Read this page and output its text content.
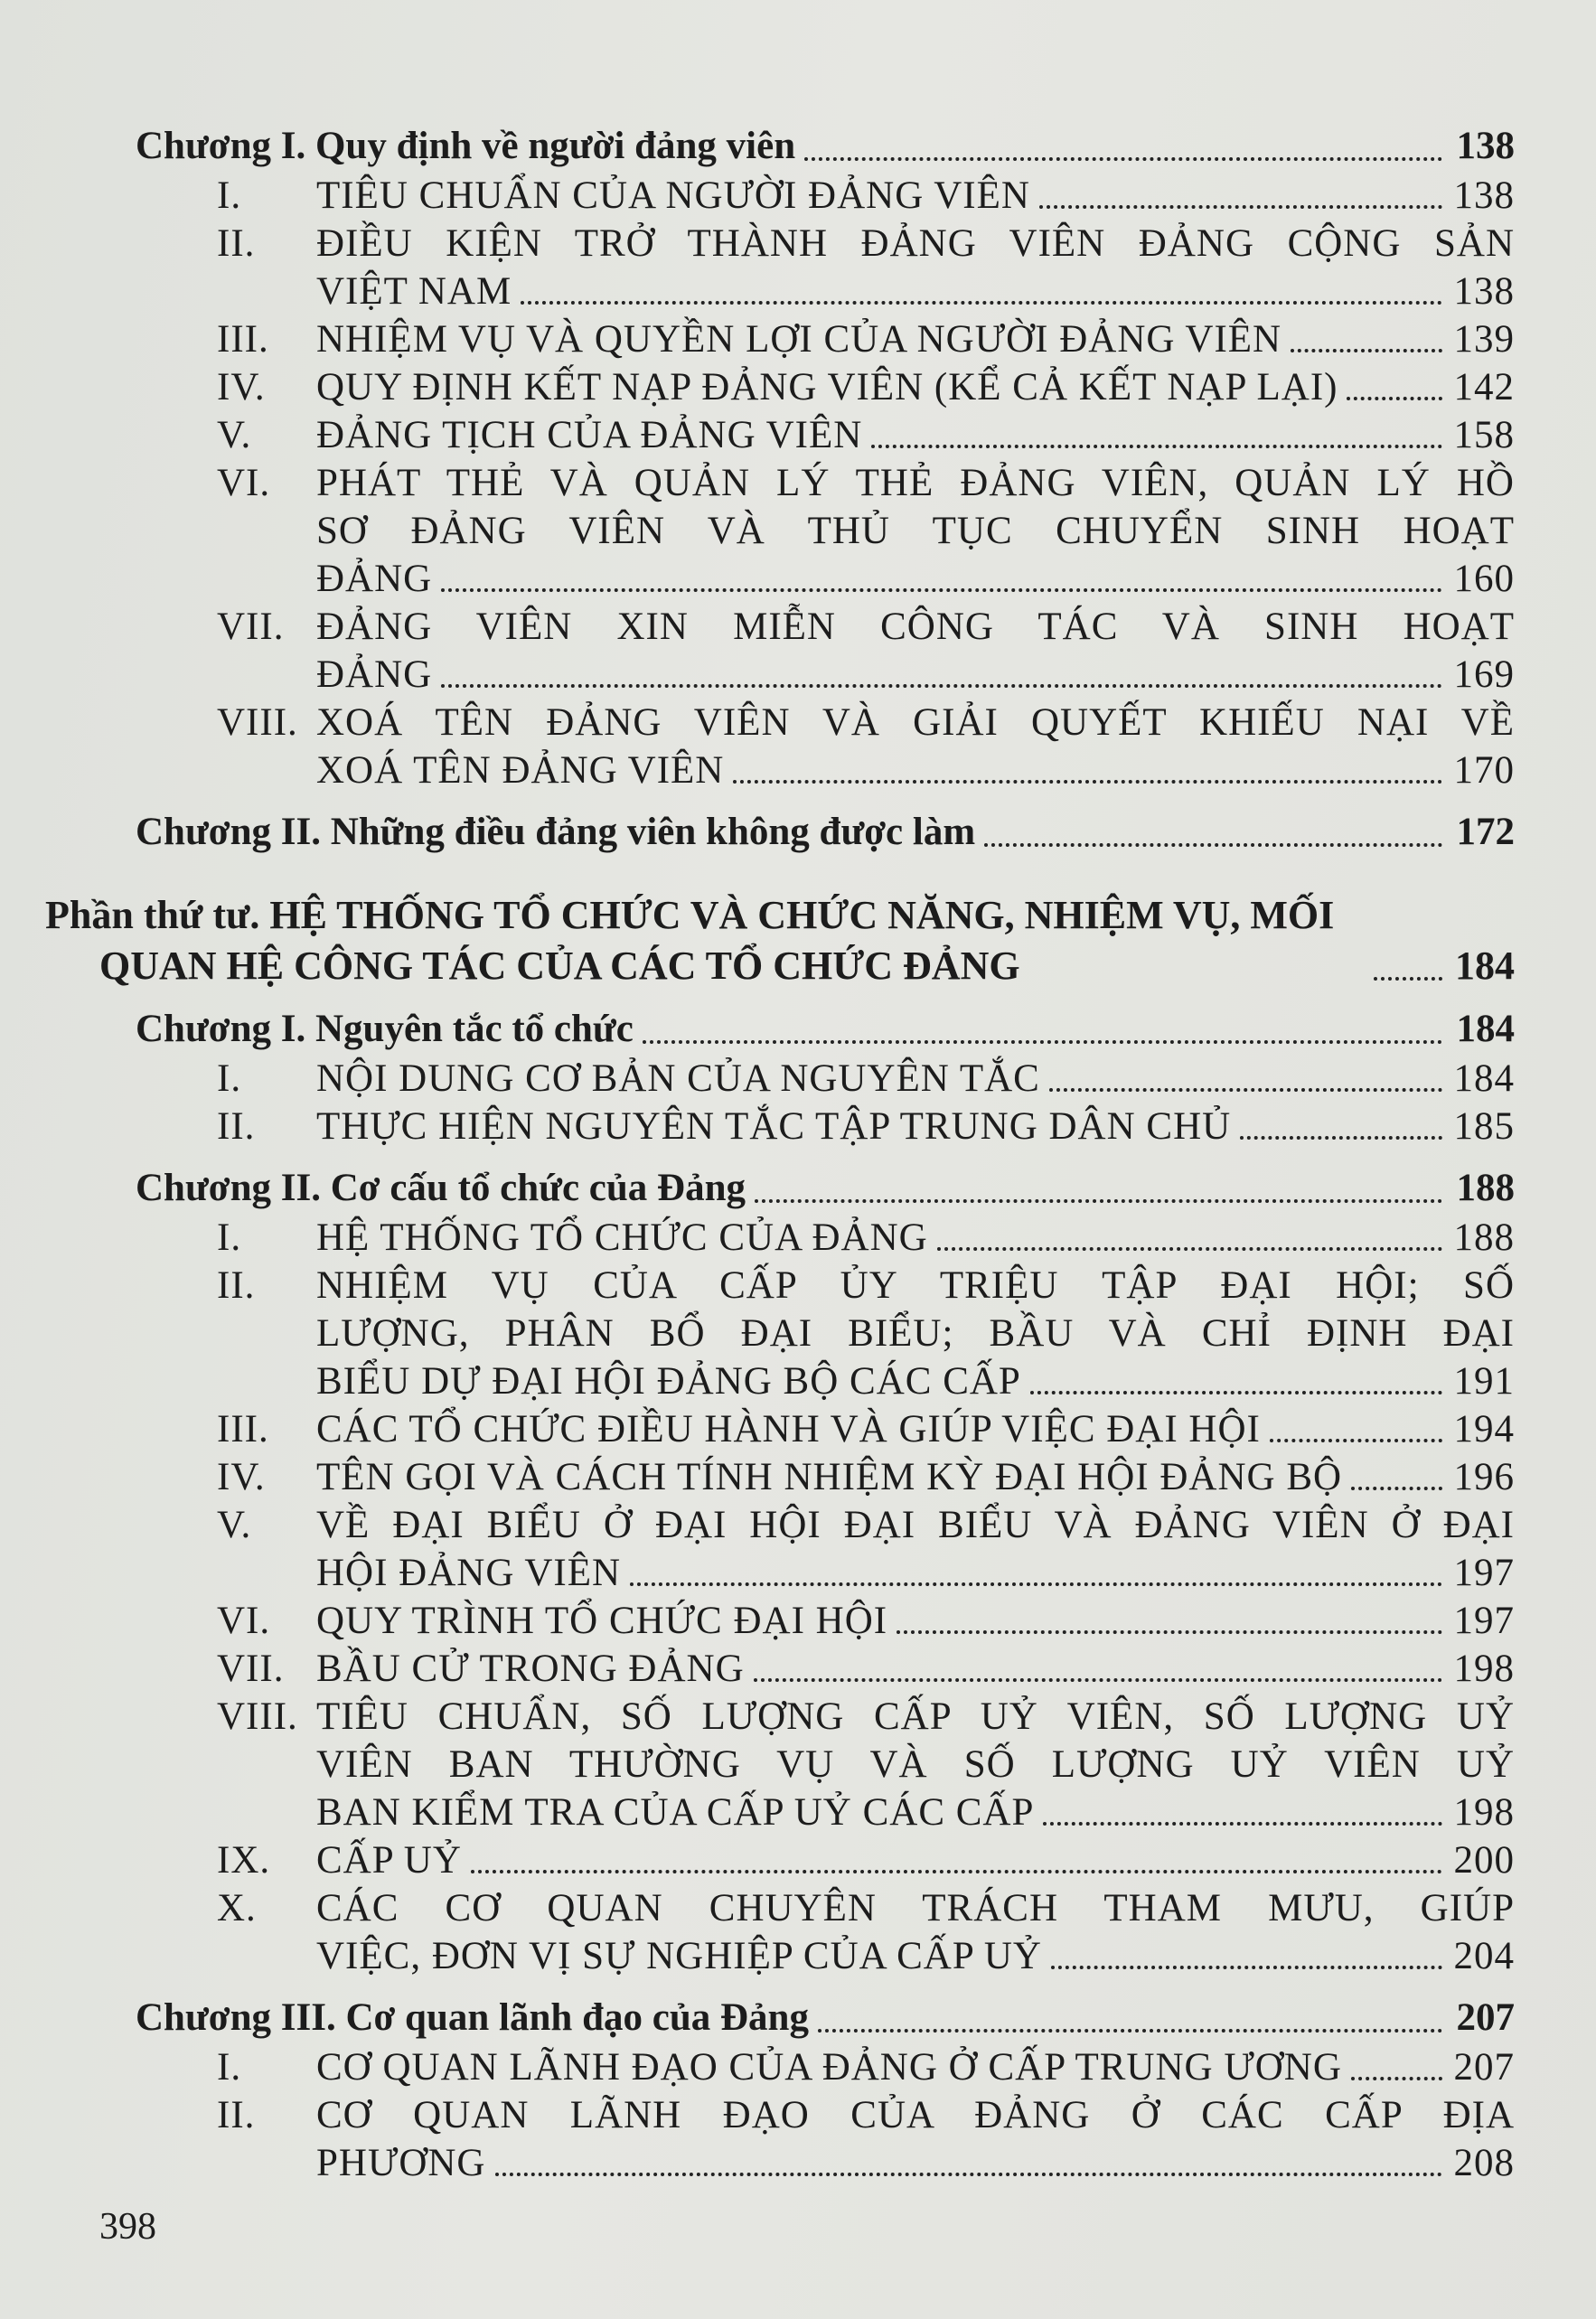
Chương I. Quy định về người đảng viên	138
I.	TIÊU CHUẨN CỦA NGƯỜI ĐẢNG VIÊN	138
II.	ĐIỀU KIỆN TRỞ THÀNH ĐẢNG VIÊN ĐẢNG CỘNG SẢN
VIỆT NAM	138
III.	NHIỆM VỤ VÀ QUYỀN LỢI CỦA NGƯỜI ĐẢNG VIÊN	139
IV.	QUY ĐỊNH KẾT NẠP ĐẢNG VIÊN (KỂ CẢ KẾT NẠP LẠI)	142
V.	ĐẢNG TỊCH CỦA ĐẢNG VIÊN	158
VI.	PHÁT THẺ VÀ QUẢN LÝ THẺ ĐẢNG VIÊN, QUẢN LÝ HỒ
SƠ ĐẢNG VIÊN VÀ THỦ TỤC CHUYỂN SINH HOẠT
ĐẢNG	160
VII. ĐẢNG VIÊN XIN MIỄN CÔNG TÁC VÀ SINH HOẠT
ĐẢNG	169
VIII. XOÁ TÊN ĐẢNG VIÊN VÀ GIẢI QUYẾT KHIẾU NẠI VỀ
XOÁ TÊN ĐẢNG VIÊN	170
Chương II. Những điều đảng viên không được làm	172
Phần thứ tư. HỆ THỐNG TỔ CHỨC VÀ CHỨC NĂNG, NHIỆM VỤ, MỐI
QUAN HỆ CÔNG TÁC CỦA CÁC TỔ CHỨC ĐẢNG	184
Chương I. Nguyên tắc tổ chức	184
I.	NỘI DUNG CƠ BẢN CỦA NGUYÊN TẮC	184
II.	THỰC HIỆN NGUYÊN TẮC TẬP TRUNG DÂN CHỦ	185
Chương II. Cơ cấu tổ chức của Đảng	188
I.	HỆ THỐNG TỔ CHỨC CỦA ĐẢNG	188
II.	NHIỆM VỤ CỦA CẤP ỦY TRIỆU TẬP ĐẠI HỘI; SỐ
LƯỢNG, PHÂN BỔ ĐẠI BIỂU; BẦU VÀ CHỈ ĐỊNH ĐẠI
BIỂU DỰ ĐẠI HỘI ĐẢNG BỘ CÁC CẤP	191
III.	CÁC TỔ CHỨC ĐIỀU HÀNH VÀ GIÚP VIỆC ĐẠI HỘI	194
IV.	TÊN GỌI VÀ CÁCH TÍNH NHIỆM KỲ ĐẠI HỘI ĐẢNG BỘ	196
V.	VỀ ĐẠI BIỂU Ở ĐẠI HỘI ĐẠI BIỂU VÀ ĐẢNG VIÊN Ở ĐẠI
HỘI ĐẢNG VIÊN	197
VI.	QUY TRÌNH TỔ CHỨC ĐẠI HỘI	197
VII. BẦU CỬ TRONG ĐẢNG	198
VIII. TIÊU CHUẨN, SỐ LƯỢNG CẤP UỶ VIÊN, SỐ LƯỢNG UỶ
VIÊN BAN THƯỜNG VỤ VÀ SỐ LƯỢNG UỶ VIÊN UỶ
BAN KIỂM TRA CỦA CẤP UỶ CÁC CẤP	198
IX.	CẤP UỶ	200
X.	CÁC CƠ QUAN CHUYÊN TRÁCH THAM MƯU, GIÚP
VIỆC, ĐƠN VỊ SỰ NGHIỆP CỦA CẤP UỶ	204
Chương III. Cơ quan lãnh đạo của Đảng	207
I.	CƠ QUAN LÃNH ĐẠO CỦA ĐẢNG Ở CẤP TRUNG ƯƠNG	207
II.	CƠ QUAN LÃNH ĐẠO CỦA ĐẢNG Ở CÁC CẤP ĐỊA
PHƯƠNG	208
398
